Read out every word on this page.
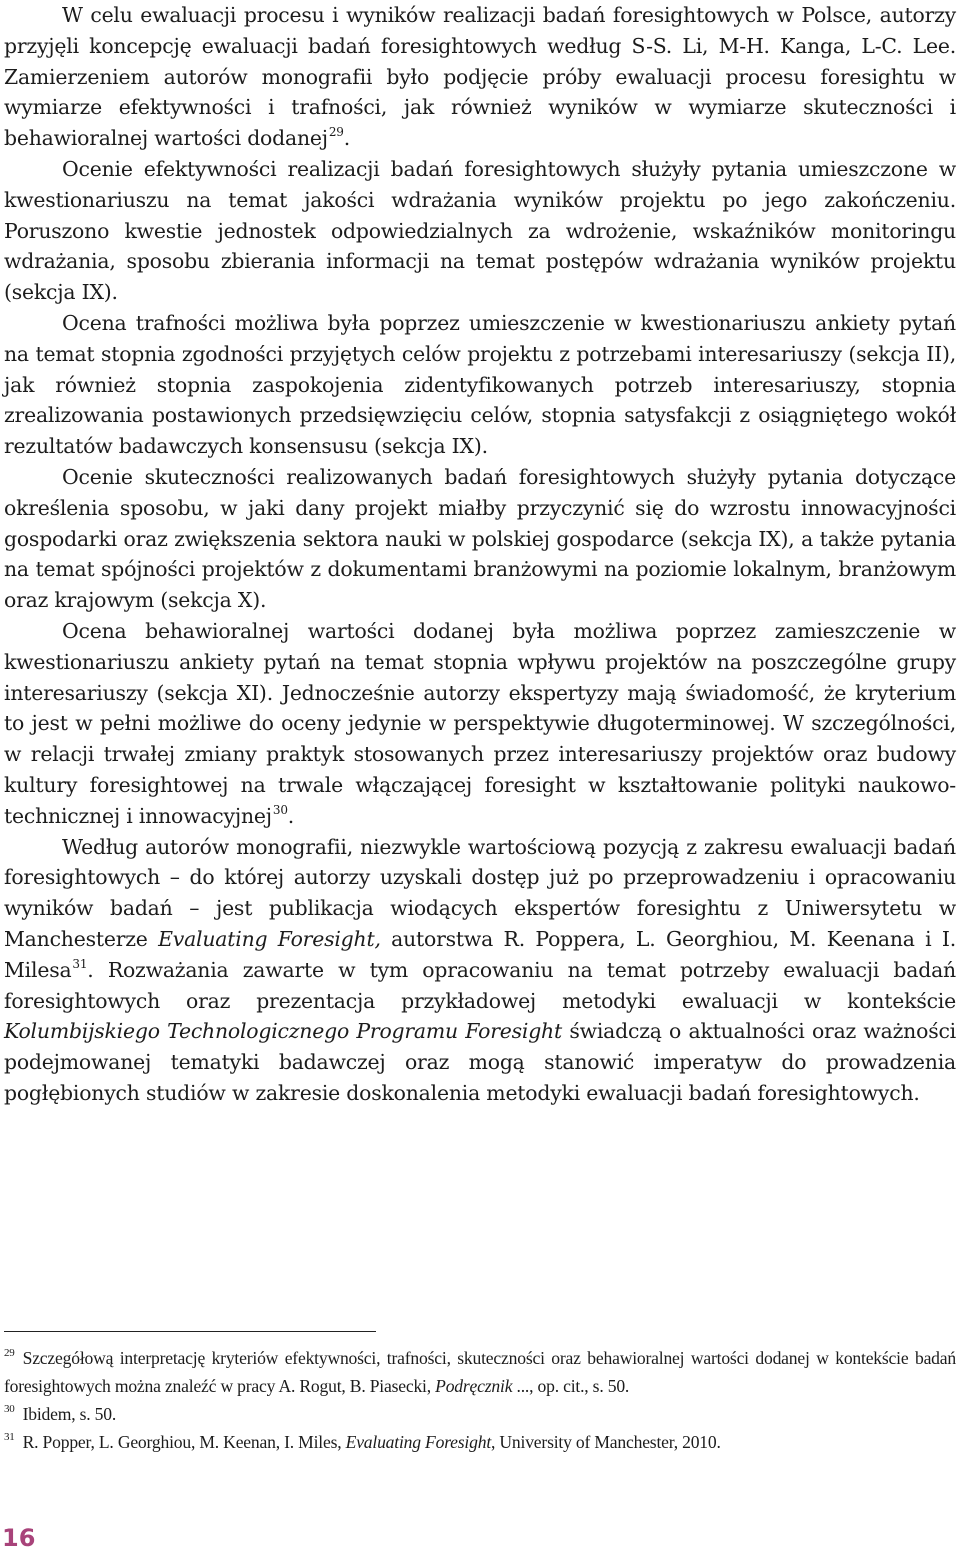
W celu ewaluacji procesu i wyników realizacji badań foresightowych w Polsce, autorzy przyjęli koncepcję ewaluacji badań foresightowych według S-S. Li, M-H. Kanga, L-C. Lee. Zamierzeniem autorów monografii było podjęcie próby ewaluacji procesu foresightu w wymiarze efektywności i trafności, jak również wyników w wymiarze skuteczności i behawioralnej wartości dodanej$^{29}$.

Ocenie efektywności realizacji badań foresightowych służyły pytania umieszczone w kwestionariuszu na temat jakości wdrażania wyników projektu po jego zakończeniu. Poruszono kwestie jednostek odpowiedzialnych za wdrożenie, wskaźników monitoringu wdrażania, sposobu zbierania informacji na temat postępów wdrażania wyników projektu (sekcja IX).

Ocena trafności możliwa była poprzez umieszczenie w kwestionariuszu ankiety pytań na temat stopnia zgodności przyjętych celów projektu z potrzebami interesariuszy (sekcja II), jak również stopnia zaspokojenia zidentyfikowanych potrzeb interesariuszy, stopnia zrealizowania postawionych przedsięwzięciu celów, stopnia satysfakcji z osiągniętego wokół rezultatów badawczych konsensusu (sekcja IX).

Ocenie skuteczności realizowanych badań foresightowych służyły pytania dotyczące określenia sposobu, w jaki dany projekt miałby przyczynić się do wzrostu innowacyjności gospodarki oraz zwiększenia sektora nauki w polskiej gospodarce (sekcja IX), a także pytania na temat spójności projektów z dokumentami branżowymi na poziomie lokalnym, branżowym oraz krajowym (sekcja X).

Ocena behawioralnej wartości dodanej była możliwa poprzez zamieszczenie w kwestionariuszu ankiety pytań na temat stopnia wpływu projektów na poszczególne grupy interesariuszy (sekcja XI). Jednocześnie autorzy ekspertyzy mają świadomość, że kryterium to jest w pełni możliwe do oceny jedynie w perspektywie długoterminowej. W szczególności, w relacji trwałej zmiany praktyk stosowanych przez interesariuszy projektów oraz budowy kultury foresightowej na trwale włączającej foresight w kształtowanie polityki naukowo-technicznej i innowacyjnej$^{30}$.

Według autorów monografii, niezwykle wartościową pozycją z zakresu ewaluacji badań foresightowych – do której autorzy uzyskali dostęp już po przeprowadzeniu i opracowaniu wyników badań – jest publikacja wiodących ekspertów foresightu z Uniwersytetu w Manchesterze Evaluating Foresight, autorstwa R. Poppera, L. Georghiou, M. Keenana i I. Milesa$^{31}$. Rozważania zawarte w tym opracowaniu na temat potrzeby ewaluacji badań foresightowych oraz prezentacja przykładowej metodyki ewaluacji w kontekście Kolumbijskiego Technologicznego Programu Foresight świadczą o aktualności oraz ważności podejmowanej tematyki badawczej oraz mogą stanowić imperatyw do prowadzenia pogłębionych studiów w zakresie doskonalenia metodyki ewaluacji badań foresightowych.

$^{29}$ Szczegółową interpretację kryteriów efektywności, trafności, skuteczności oraz behawioralnej wartości dodanej w kontekście badań foresightowych można znaleźć w pracy A. Rogut, B. Piasecki, Podręcznik ..., op. cit., s. 50.

$^{30}$ Ibidem, s. 50.

$^{31}$ R. Popper, L. Georghiou, M. Keenan, I. Miles, Evaluating Foresight, University of Manchester, 2010.

16
